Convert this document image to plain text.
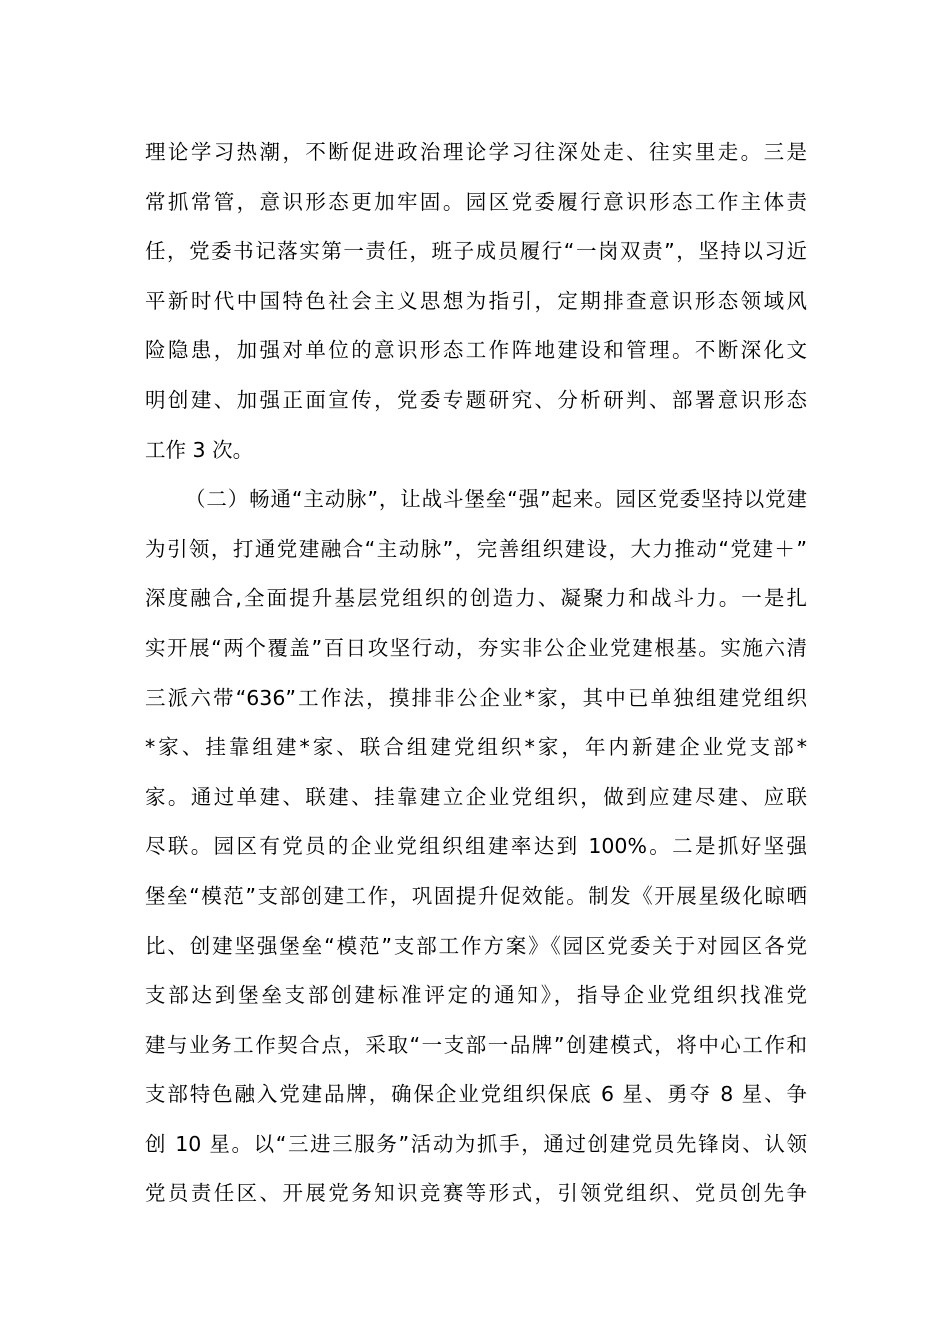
理论学习热潮，不断促进政治理论学习往深处走、往实里走。三是
常抓常管，意识形态更加牢固。园区党委履行意识形态工作主体责
任，党委书记落实第一责任，班子成员履行“一岗双责”，坚持以习近
平新时代中国特色社会主义思想为指引，定期排查意识形态领域风
险隐患，加强对单位的意识形态工作阵地建设和管理。不断深化文
明创建、加强正面宣传，党委专题研究、分析研判、部署意识形态
工作 3 次。
（二）畅通“主动脉”，让战斗堡垒“强”起来。园区党委坚持以党建
为引领，打通党建融合“主动脉”，完善组织建设，大力推动“党建＋”
深度融合,全面提升基层党组织的创造力、凝聚力和战斗力。一是扎
实开展“两个覆盖”百日攻坚行动，夯实非公企业党建根基。实施六清
三派六带“636”工作法，摸排非公企业*家，其中已单独组建党组织
*家、挂靠组建*家、联合组建党组织*家，年内新建企业党支部*
家。通过单建、联建、挂靠建立企业党组织，做到应建尽建、应联
尽联。园区有党员的企业党组织组建率达到 100%。二是抓好坚强
堡垒“模范”支部创建工作，巩固提升促效能。制发《开展星级化晾晒
比、创建坚强堡垒“模范”支部工作方案》《园区党委关于对园区各党
支部达到堡垒支部创建标准评定的通知》，指导企业党组织找准党
建与业务工作契合点，采取“一支部一品牌”创建模式，将中心工作和
支部特色融入党建品牌，确保企业党组织保底 6 星、勇夺 8 星、争
创 10 星。以“三进三服务”活动为抓手，通过创建党员先锋岗、认领
党员责任区、开展党务知识竞赛等形式，引领党组织、党员创先争
